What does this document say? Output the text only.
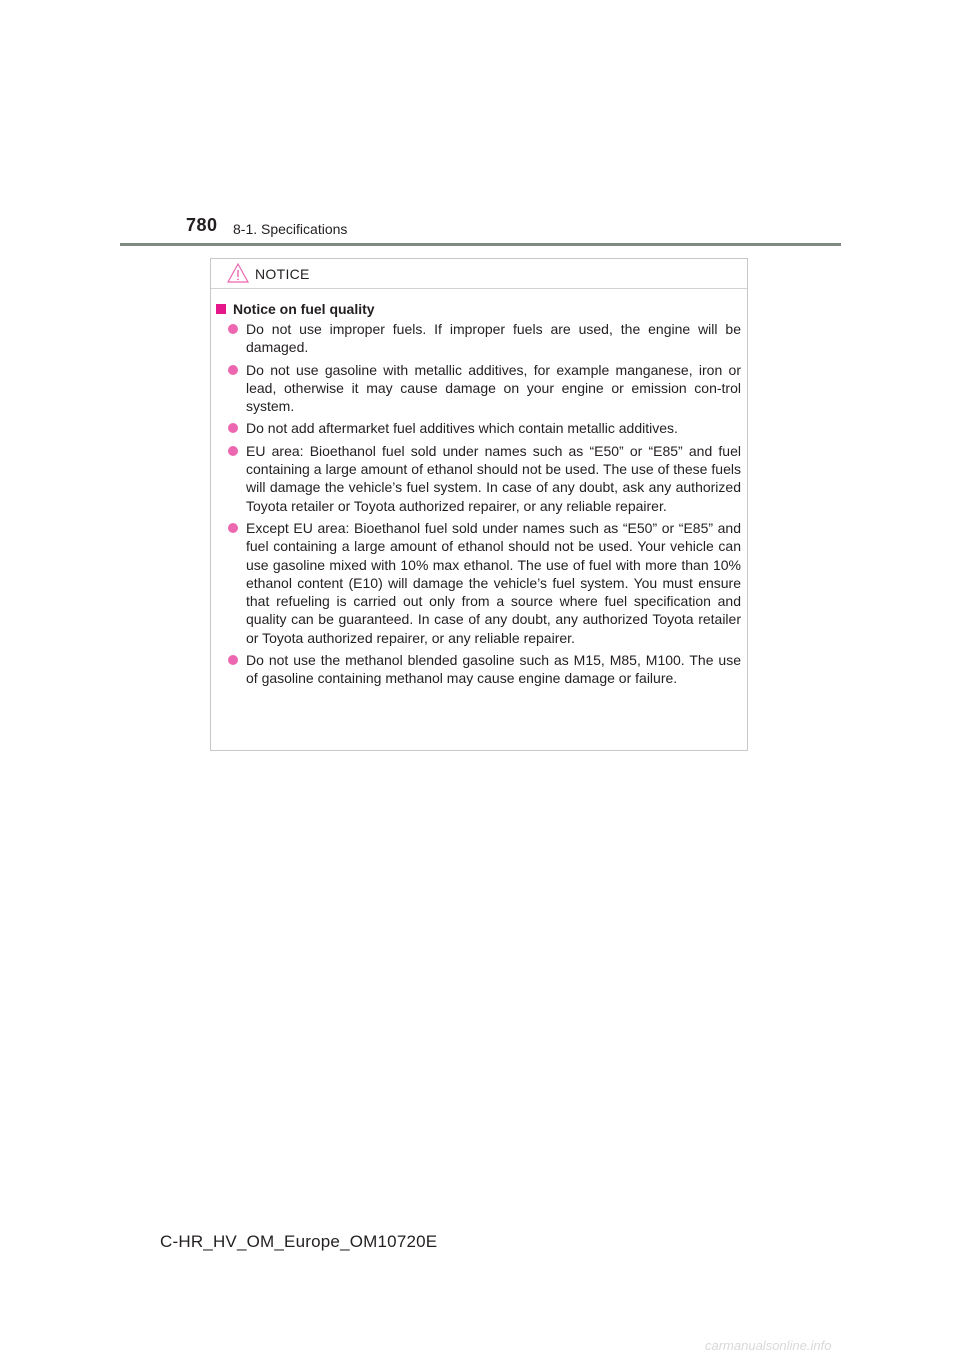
780 8-1. Specifications
NOTICE
Notice on fuel quality

Do not use improper fuels. If improper fuels are used, the engine will be damaged.

Do not use gasoline with metallic additives, for example manganese, iron or lead, otherwise it may cause damage on your engine or emission con-trol system.

Do not add aftermarket fuel additives which contain metallic additives.

EU area: Bioethanol fuel sold under names such as “E50” or “E85” and fuel containing a large amount of ethanol should not be used. The use of these fuels will damage the vehicle’s fuel system. In case of any doubt, ask any authorized Toyota retailer or Toyota authorized repairer, or any reliable repairer.

Except EU area: Bioethanol fuel sold under names such as “E50” or “E85” and fuel containing a large amount of ethanol should not be used. Your vehicle can use gasoline mixed with 10% max ethanol. The use of fuel with more than 10% ethanol content (E10) will damage the vehicle’s fuel system. You must ensure that refueling is carried out only from a source where fuel specification and quality can be guaranteed. In case of any doubt, any authorized Toyota retailer or Toyota authorized repairer, or any reliable repairer.

Do not use the methanol blended gasoline such as M15, M85, M100. The use of gasoline containing methanol may cause engine damage or failure.

C-HR_HV_OM_Europe_OM10720E
carmanualsonline.info
